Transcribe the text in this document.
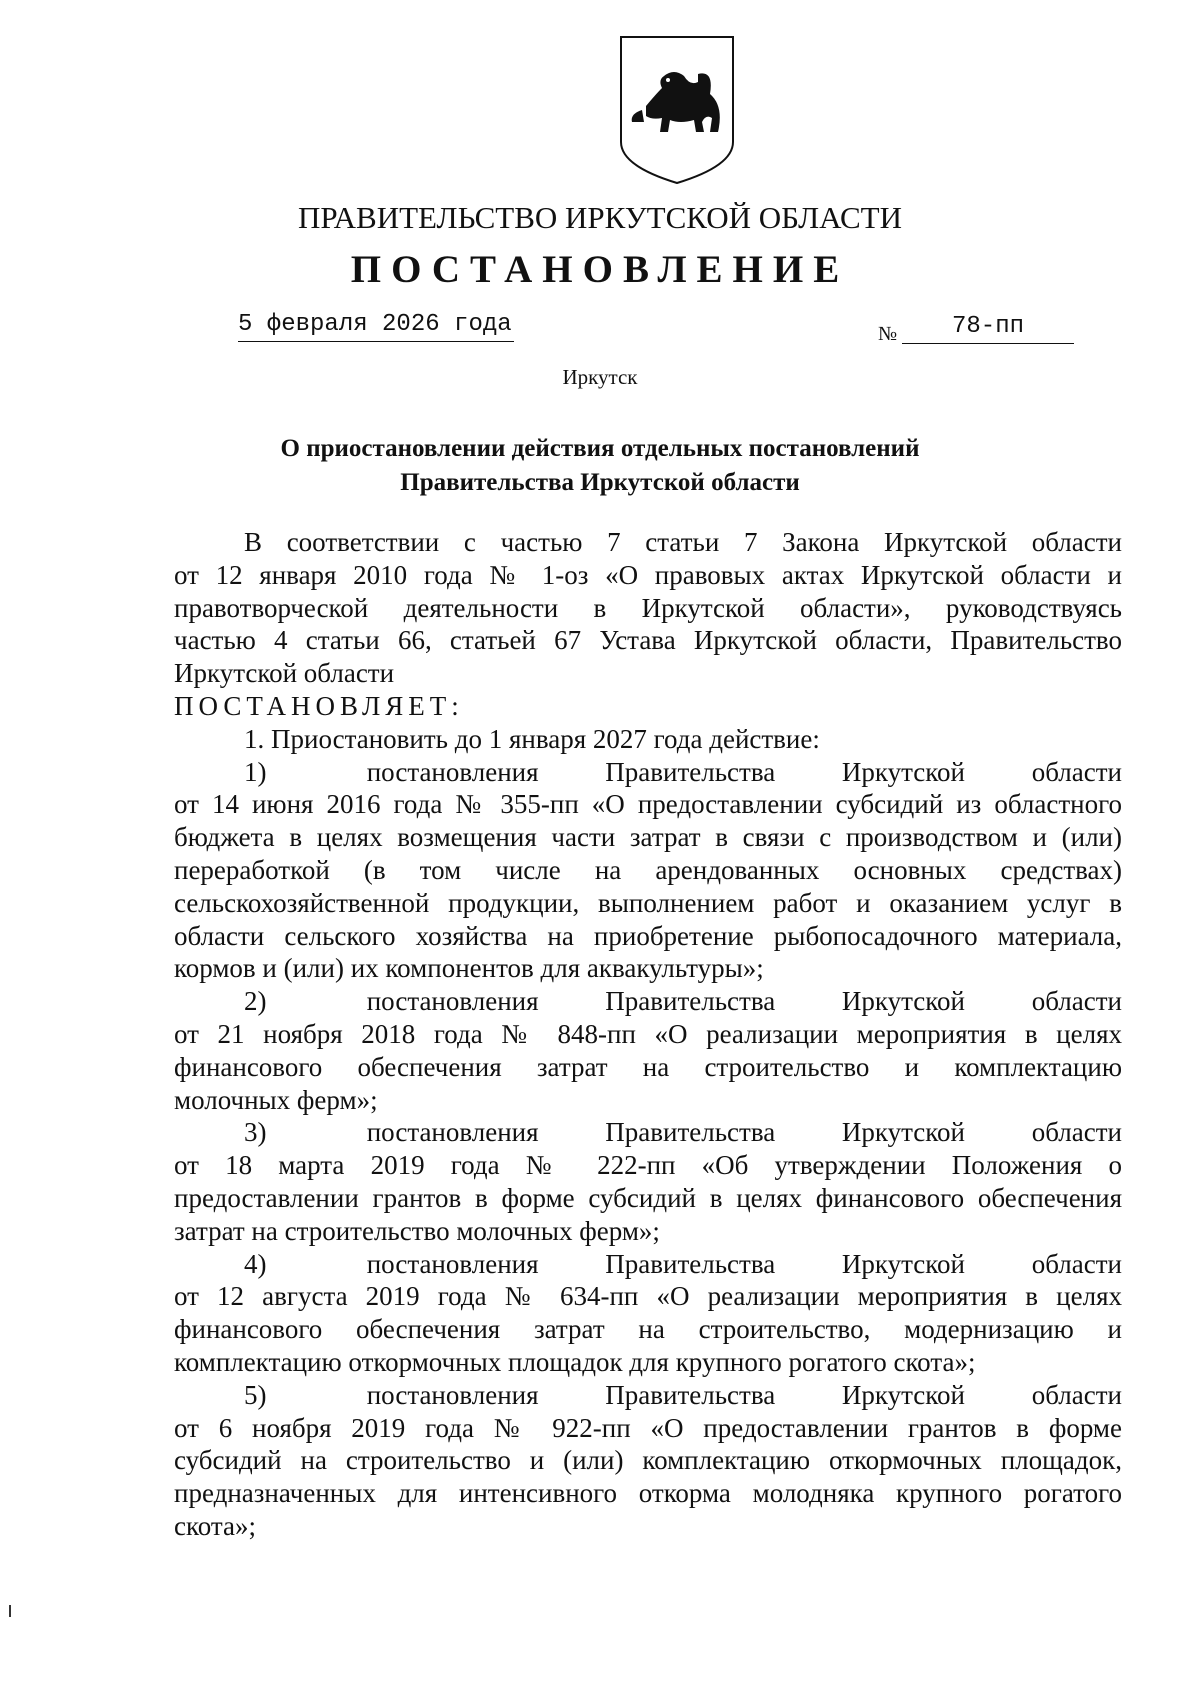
ПРАВИТЕЛЬСТВО ИРКУТСКОЙ ОБЛАСТИ
ПОСТАНОВЛЕНИЕ
5 февраля 2026 года	№	78-пп
Иркутск
О приостановлении действия отдельных постановлений
Правительства Иркутской области
В соответствии с частью 7 статьи 7 Закона Иркутской области
от 12 января 2010 года № 1-оз «О правовых актах Иркутской области и
правотворческой деятельности в Иркутской области», руководствуясь
частью 4 статьи 66, статьей 67 Устава Иркутской области, Правительство
Иркутской области
ПОСТАНОВЛЯЕТ:
1. Приостановить до 1 января 2027 года действие:
1)	постановления Правительства Иркутской области
от 14 июня 2016 года № 355-пп «О предоставлении субсидий из областного
бюджета в целях возмещения части затрат в связи с производством и (или)
переработкой (в том числе на арендованных основных средствах)
сельскохозяйственной продукции, выполнением работ и оказанием услуг в
области сельского хозяйства на приобретение рыбопосадочного материала,
кормов и (или) их компонентов для аквакультуры»;
2)	постановления Правительства Иркутской области
от 21 ноября 2018 года № 848-пп «О реализации мероприятия в целях
финансового обеспечения затрат на строительство и комплектацию
молочных ферм»;
3)	постановления Правительства Иркутской области
от 18 марта 2019 года № 222-пп «Об утверждении Положения о
предоставлении грантов в форме субсидий в целях финансового обеспечения
затрат на строительство молочных ферм»;
4)	постановления Правительства Иркутской области
от 12 августа 2019 года № 634-пп «О реализации мероприятия в целях
финансового обеспечения затрат на строительство, модернизацию и
комплектацию откормочных площадок для крупного рогатого скота»;
5)	постановления Правительства Иркутской области
от 6 ноября 2019 года № 922-пп «О предоставлении грантов в форме
субсидий на строительство и (или) комплектацию откормочных площадок,
предназначенных для интенсивного откорма молодняка крупного рогатого
скота»;
